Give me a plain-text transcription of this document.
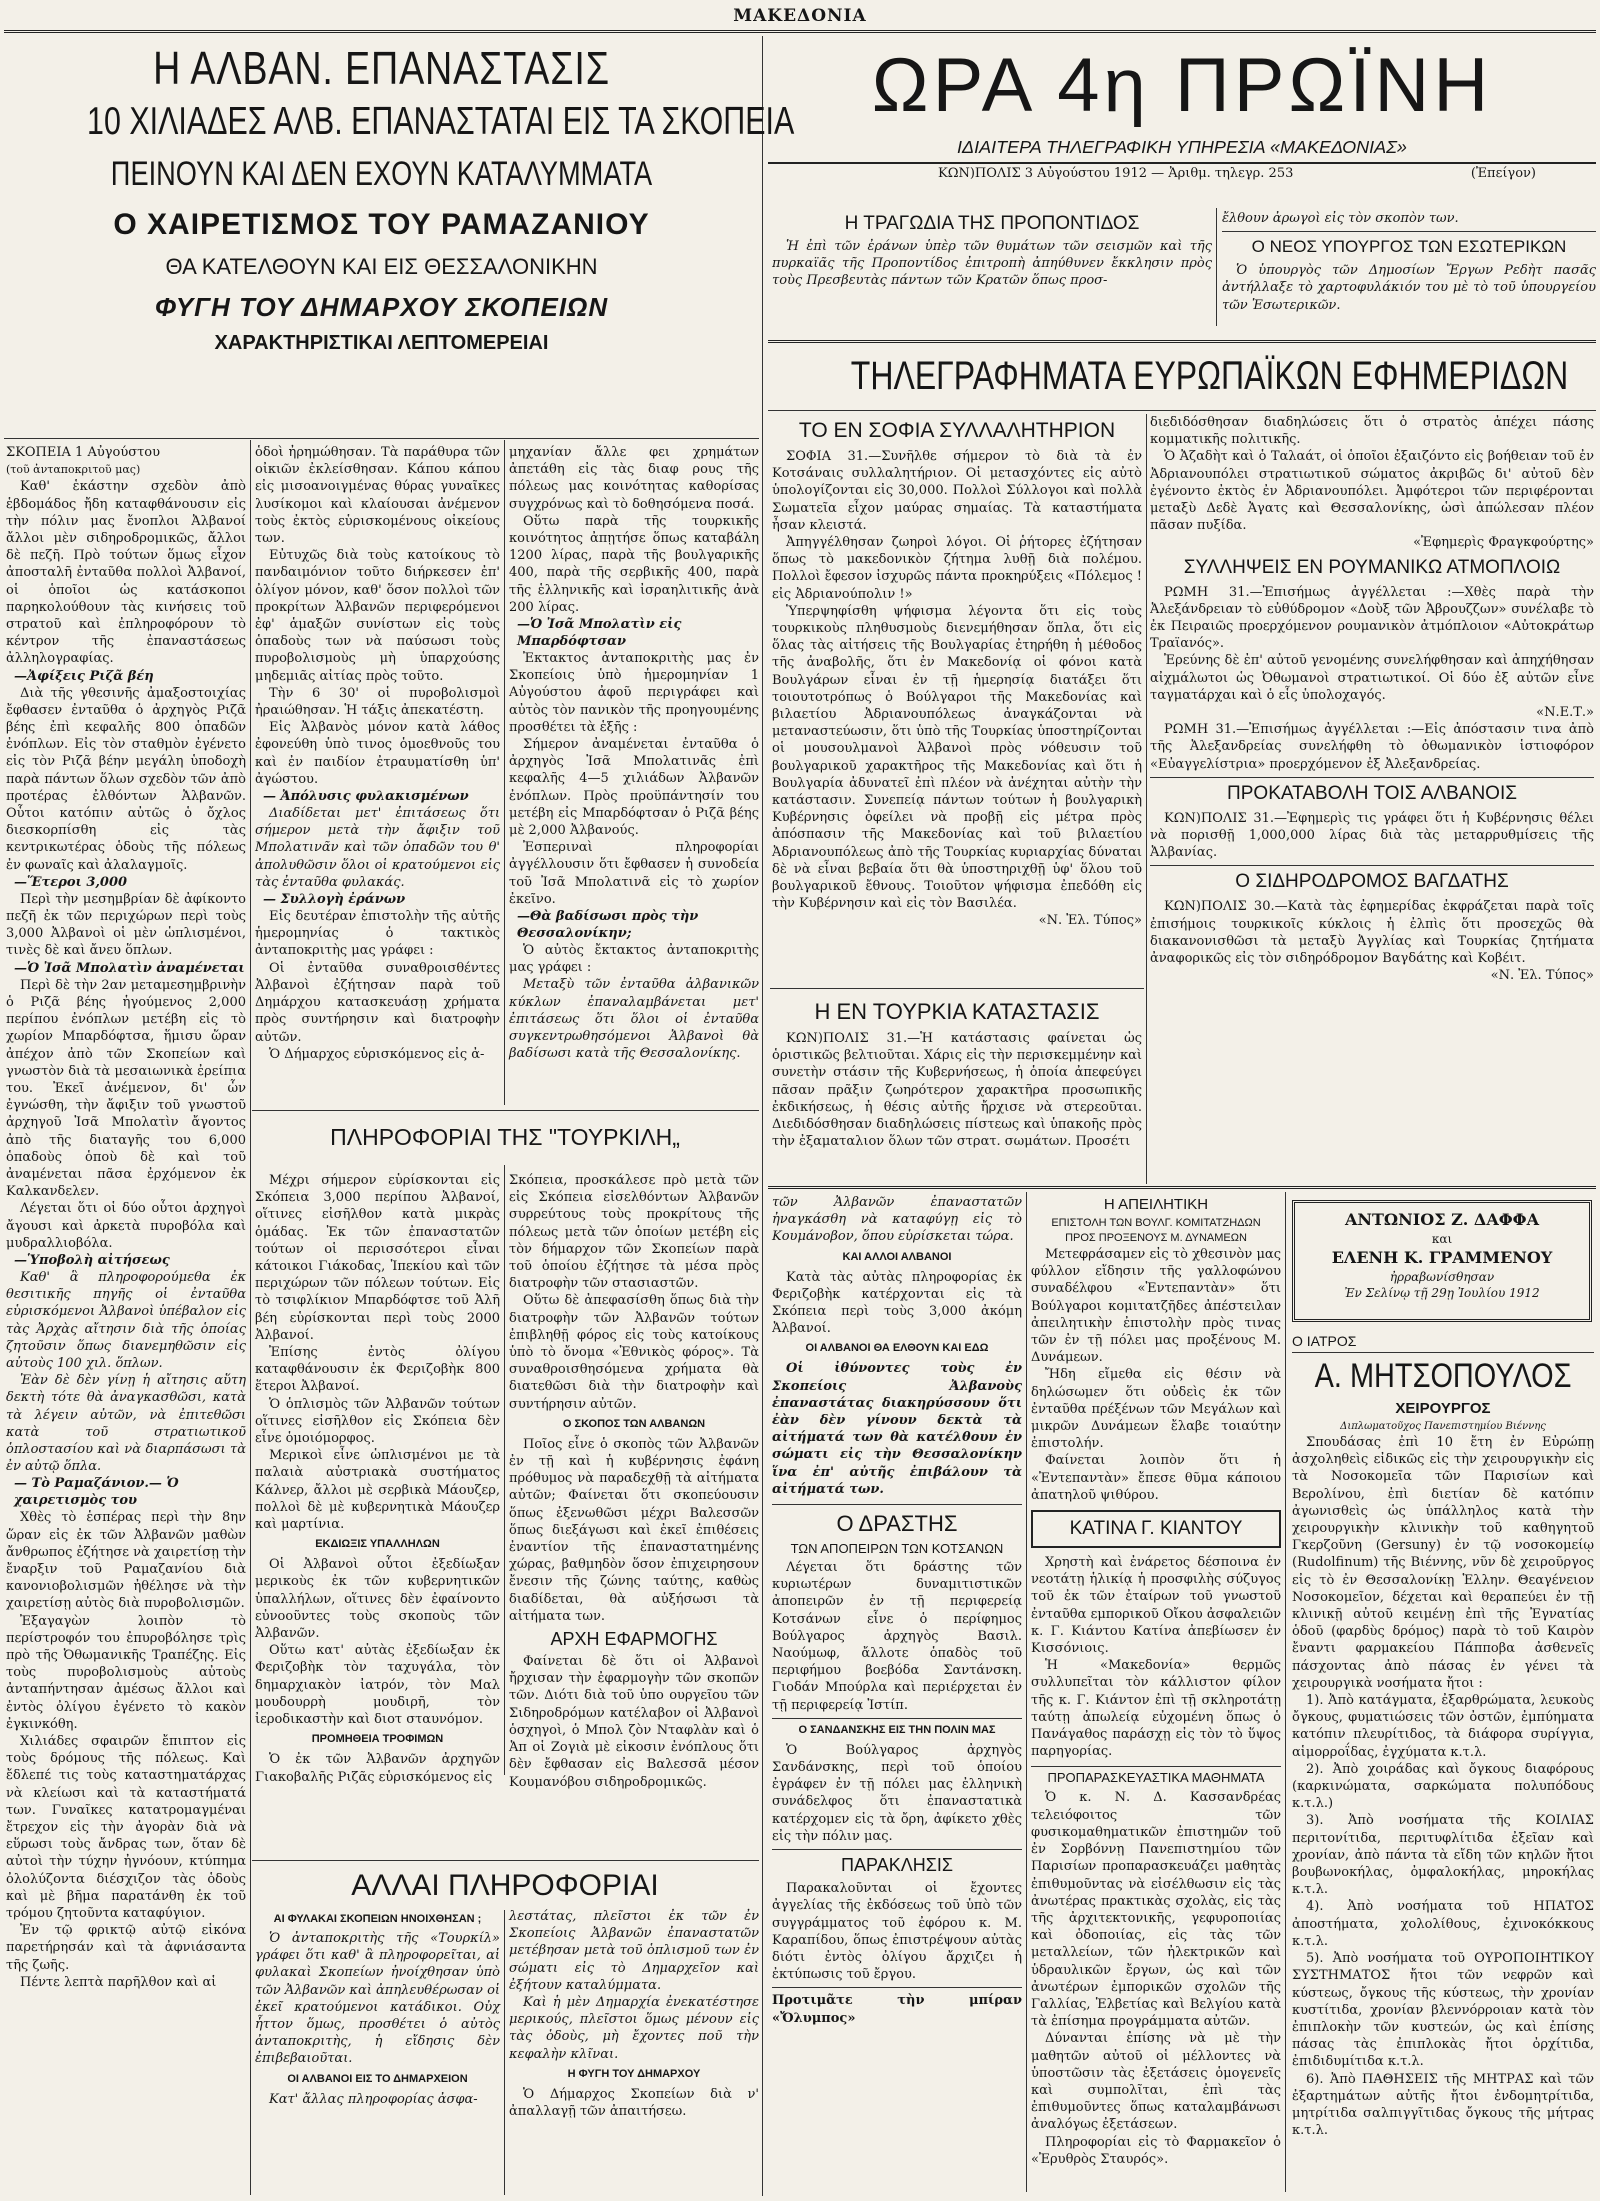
ΜΑΚΕΔΟΝΙΑ
Η ΑΛΒΑΝ. ΕΠΑΝΑΣΤΑΣΙΣ
10 ΧΙΛΙΑΔΕΣ ΑΛΒ. ΕΠΑΝΑΣΤΑΤΑΙ ΕΙΣ ΤΑ ΣΚΟΠΕΙΑ
ΠΕΙΝΟΥΝ ΚΑΙ ΔΕΝ ΕΧΟΥΝ ΚΑΤΑΛΥΜΜΑΤΑ
Ο ΧΑΙΡΕΤΙΣΜΟΣ ΤΟΥ ΡΑΜΑΖΑΝΙΟΥ
ΘΑ ΚΑΤΕΛΘΟΥΝ ΚΑΙ ΕΙΣ ΘΕΣΣΑΛΟΝΙΚΗΝ
ΦΥΓΗ ΤΟΥ ΔΗΜΑΡΧΟΥ ΣΚΟΠΕΙΩΝ
ΧΑΡΑΚΤΗΡΙΣΤΙΚΑΙ ΛΕΠΤΟΜΕΡΕΙΑΙ

ΣΚΟΠΕΙΑ 1 Αὐγούστου

(τοῦ ἀνταποκριτοῦ μας)

Καθ' ἑκάστην σχεδὸν ἀπὸ ἑβδομάδος ἤδη καταφθάνουσιν εἰς τὴν πόλιν μας ἔνοπλοι Ἀλβανοί ἄλλοι μὲν σιδηροδρομικῶς, ἄλλοι δὲ πεζῆ. Πρὸ τούτων ὅμως εἶχον ἀποσταλῆ ἐνταῦθα πολλοὶ Ἀλβανοί, οἱ ὁποῖοι ὡς κατάσκοποι παρηκολούθουν τὰς κινήσεις τοῦ στρατοῦ καὶ ἐπληροφόρουν τὸ κέντρον τῆς ἐπαναστάσεως ἀλληλογραφίας.

—Ἀφίξεις Ριζᾶ βέη

Διὰ τῆς γθεσινῆς ἀμαξοστοιχίας ἔφθασεν ἐνταῦθα ὁ ἀρχηγὸς Ριζᾶ βέης ἐπὶ κεφαλῆς 800 ὁπαδῶν ἐνόπλων. Εἰς τὸν σταθμὸν ἐγένετο εἰς τὸν Ριζᾶ βέην μεγάλη ὑποδοχὴ παρὰ πάντων ὅλων σχεδὸν τῶν ἀπὸ προτέρας ἐλθόντων Ἀλβανῶν. Οὗτοι κατόπιν αὐτῶς ὁ ὄχλος διεσκορπίσθη εἰς τὰς κεντρικωτέρας ὁδοὺς τῆς πόλεως ἐν φωναῖς καὶ ἀλαλαγμοῖς.

—Ἕτεροι 3,000

Περὶ τὴν μεσημβρίαν δὲ ἀφίκοντο πεζῆ ἐκ τῶν περιχώρων περὶ τοὺς 3,000 Ἀλβανοὶ οἱ μὲν ὡπλισμένοι, τινὲς δὲ καὶ ἄνευ ὅπλων.

—Ὁ Ἰσᾶ Μπολατὶν ἀναμένεται

Περὶ δὲ τὴν 2αν μεταμεσημβρινὴν ὁ Ριζᾶ βέης ἡγούμενος 2,000 περίπου ἐνόπλων μετέβη εἰς τὸ χωρίον Μπαρδόφτσα, ἥμισυ ὥραν ἀπέχον ἀπὸ τῶν Σκοπείων καὶ γνωστὸν διὰ τὰ μεσαιωνικὰ ἐρείπια του. Ἐκεῖ ἀνέμενον, δι' ὧν ἐγνώσθη, τὴν ἄφιξιν τοῦ γνωστοῦ ἀρχηγοῦ Ἰσᾶ Μπολατὶν ἄγοντος ἀπὸ τῆς διαταγῆς του 6,000 ὁπαδοὺς ὁποὺ δὲ καὶ τοῦ ἀναμένεται πᾶσα ἐρχόμενον ἐκ Καλκανδελεν.

Λέγεται ὅτι οἱ δύο οὗτοι ἀρχηγοὶ ἄγουσι καὶ ἀρκετὰ πυροβόλα καὶ μυδραλλιοβόλα.

—Ὑποβολὴ αἰτήσεως

Καθ' ἃ πληροφορούμεθα ἐκ θεσιτικῆς πηγῆς οἱ ἐνταῦθα εὑρισκόμενοι Ἀλβανοὶ ὑπέβαλον εἰς τὰς Ἀρχὰς αἴτησιν διὰ τῆς ὁποίας ζητοῦσιν ὅπως διανεμηθῶσιν εἰς αὐτοὺς 100 χιλ. ὅπλων.

Ἐὰν δὲ δὲν γίνῃ ἡ αἴτησις αὕτη δεκτὴ τότε θὰ ἀναγκασθῶσι, κατὰ τὰ λέγειν αὐτῶν, νὰ ἐπιτεθῶσι κατὰ τοῦ στρατιωτικοῦ ὁπλοστασίου καὶ νὰ διαρπάσωσι τὰ ἐν αὐτῷ ὅπλα.

— Τὸ Ραμαζάνιον.— Ὁ χαιρετισμὸς του

Χθὲς τὸ ἑσπέρας περὶ τὴν 8ην ὥραν εἰς ἐκ τῶν Ἀλβανῶν μαθὼν ἄνθρωπος ἐζήτησε νὰ χαιρετίσῃ τὴν ἔναρξιν τοῦ Ραμαζανίου διὰ κανονιοβολισμῶν ἠθέλησε νὰ τὴν χαιρετίσῃ αὐτὸς διὰ πυροβολισμῶν.

Ἐξαγαγὼν λοιπὸν τὸ περίστροφόν του ἐπυροβόλησε τρὶς πρὸ τῆς Ὀθωμανικῆς Τραπέζης. Εἰς τοὺς πυροβολισμοὺς αὐτοὺς ἀνταπήντησαν ἀμέσως ἄλλοι καὶ ἐντὸς ὀλίγου ἐγένετο τὸ κακὸν ἐγκινκόθη.

Χιλιάδες σφαιρῶν ἔπιπτον εἰς τοὺς δρόμους τῆς πόλεως. Καὶ ἔδλεπέ τις τοὺς καταστηματάρχας νὰ κλείωσι καὶ τὰ καταστήματά των. Γυναῖκες κατατρομαγμέναι ἔτρεχον εἰς τὴν ἀγορὰν διὰ νὰ εὕρωσι τοὺς ἄνδρας των, ὅταν δὲ αὐτοὶ τὴν τύχην ἠγνόουν, κτύπημα ὀλολύζοντα διέσχιζον τὰς ὁδοὺς καὶ μὲ βῆμα παρατάνθη ἐκ τοῦ τρόμου ζητοῦντα καταφύγιον.

Ἐν τῷ φρικτῷ αὐτῷ εἰκόνα παρετήρησάν καὶ τὰ ἀφνιάσαντα τῆς ζωῆς.

Πέντε λεπτὰ παρῆλθον καὶ αἱ

ὁδοὶ ἠρημώθησαν. Τὰ παράθυρα τῶν οἰκιῶν ἐκλείσθησαν. Κάπου κάπου εἰς μισοανοιγμένας θύρας γυναῖκες λυσίκομοι καὶ κλαίουσαι ἀνέμενον τοὺς ἐκτὸς εὑρισκομένους οἰκείους των.

Εὐτυχῶς διὰ τοὺς κατοίκους τὸ πανδαιμόνιον τοῦτο διήρκεσεν ἐπ' ὀλίγον μόνον, καθ' ὅσον πολλοὶ τῶν προκρίτων Ἀλβανῶν περιφερόμενοι ἐφ' ἁμαξῶν συνίστων εἰς τοὺς ὁπαδοὺς των νὰ παύσωσι τοὺς πυροβολισμοὺς μὴ ὑπαρχούσης μηδεμιᾶς αἰτίας πρὸς τοῦτο.

Τὴν 6 30' οἱ πυροβολισμοὶ ἠραιώθησαν. Ἡ τάξις ἀπεκατέστη.

Εἰς Ἀλβανὸς μόνον κατὰ λάθος ἐφονεύθη ὑπὸ τινος ὁμοεθνοῦς του καὶ ἐν παιδίον ἐτραυματίσθη ὑπ' ἀγώστου.

— Ἀπόλυσις φυλακισμένων

Διαδίδεται μετ' ἐπιτάσεως ὅτι σήμερον μετὰ τὴν ἄφιξιν τοῦ Μπολατινᾶν καὶ τῶν ὁπαδῶν του θ' ἀπολυθῶσιν ὅλοι οἱ κρατούμενοι εἰς τὰς ἐνταῦθα φυλακάς.

— Συλλογὴ ἐράνων

Εἰς δευτέραν ἐπιστολὴν τῆς αὐτῆς ἡμερομηνίας ὁ τακτικὸς ἀνταποκριτὴς μας γράφει :

Οἱ ἐνταῦθα συναθροισθέντες Ἀλβανοὶ ἐζήτησαν παρὰ τοῦ Δημάρχου κατασκευάσῃ χρήματα πρὸς συντήρησιν καὶ διατροφὴν αὐτῶν.

Ὁ Δήμαρχος εὑρισκόμενος εἰς ἀ-

μηχανίαν ἄλλε φει χρημάτων ἀπετάθη εἰς τὰς διαφ ρους τῆς πόλεως μας κοινότητας καθορίσας συγχρόνως καὶ τὸ δοθησόμενα ποσά.

Οὕτω παρὰ τῆς τουρκικῆς κοινότητος ἀπῃτήσε ὅπως καταβάλη 1200 λίρας, παρὰ τῆς βουλγαρικῆς 400, παρὰ τῆς σερβικῆς 400, παρὰ τῆς ἑλληνικῆς καὶ ἰσραηλιτικῆς ἀνὰ 200 λίρας.

—Ὁ Ἰσᾶ Μπολατὶν εἰς Μπαρδόφτσαν

Ἐκτακτος ἀνταποκριτὴς μας ἐν Σκοπείοις ὑπὸ ἡμερομηνίαν 1 Αὐγούστου ἀφοῦ περιγράφει καὶ αὐτὸς τὸν πανικὸν τῆς προηγουμένης προσθέτει τὰ ἑξῆς :

Σήμερον ἀναμένεται ἐνταῦθα ὁ ἀρχηγὸς Ἰσᾶ Μπολατινᾶς ἐπὶ κεφαλῆς 4—5 χιλιάδων Ἀλβανῶν ἐνόπλων. Πρὸς προϋπάντησίν του μετέβη εἰς Μπαρδόφτσαν ὁ Ριζᾶ βέης μὲ 2,000 Ἀλβανούς.

Ἐσπεριναὶ πληροφορίαι ἀγγέλλουσιν ὅτι ἔφθασεν ἡ συνοδεία τοῦ Ἰσᾶ Μπολατινᾶ εἰς τὸ χωρίον ἐκεῖνο.

—Θὰ βαδίσωσι πρὸς τὴν Θεσσαλονίκην;

Ὁ αὐτὸς ἔκτακτος ἀνταποκριτὴς μας γράφει :

Μεταξὺ τῶν ἐνταῦθα ἀλβανικῶν κύκλων ἐπαναλαμβάνεται μετ' ἐπιτάσεως ὅτι ὅλοι οἱ ἐνταῦθα συγκεντρωθησόμενοι Ἀλβανοὶ θὰ βαδίσωσι κατὰ τῆς Θεσσαλονίκης.

ΠΛΗΡΟΦΟΡΙΑΙ ΤΗΣ "ΤΟΥΡΚΙΛΗ„

Μέχρι σήμερον εὑρίσκονται εἰς Σκόπεια 3,000 περίπου Ἀλβανοί, οἵτινες εἰσῆλθον κατὰ μικρὰς ὁμάδας. Ἐκ τῶν ἐπαναστατῶν τούτων οἱ περισσότεροι εἶναι κάτοικοι Γιάκοδας, Ἰπεκίου καὶ τῶν περιχώρων τῶν πόλεων τούτων. Εἰς τὸ τσιφλίκιον Μπαρδόφτσε τοῦ Ἀλῆ βέη εὑρίσκονται περὶ τοὺς 2000 Ἀλβανοί.

Ἐπίσης ἐντὸς ὀλίγου καταφθάνουσιν ἐκ Φεριζοβὴκ 800 ἕτεροι Ἀλβανοί.

Ὁ ὁπλισμὸς τῶν Ἀλβανῶν τούτων οἵτινες εἰσῆλθον εἰς Σκόπεια δὲν εἶνε ὁμοιόμορφος.

Μερικοὶ εἶνε ὡπλισμένοι με τὰ παλαιὰ αὐστριακὰ συστήματος Κάλνερ, ἄλλοι μὲ σερβικὰ Μάουζερ, πολλοὶ δὲ μὲ κυβερνητικὰ Μάουζερ καὶ μαρτίνια.

ΕΚΔΙΩΞΙΣ ΥΠΑΛΛΗΛΩΝ

Οἱ Ἀλβανοὶ οὗτοι ἐξεδίωξαν μερικοὺς ἐκ τῶν κυβερνητικῶν ὑπαλλήλων, οἵτινες δὲν ἐφαίνοντο εὐνοοῦντες τοὺς σκοποὺς τῶν Ἀλβανῶν.

Οὕτω κατ' αὐτὰς ἐξεδίωξαν ἐκ Φεριζοβὴκ τὸν ταχυγάλα, τὸν δημαρχιακὸν ἰατρόν, τὸν Μαλ μουδουρρὴ μουδιρῆ, τὸν ἰεροδικαστὴν καὶ διοτ σταυνόμον.

ΠΡΟΜΗΘΕΙΑ ΤΡΟΦΙΜΩΝ

Ὁ ἐκ τῶν Ἀλβανῶν ἀρχηγῶν Γιακοβαλῆς Ριζᾶς εὑρισκόμενος εἰς

Σκόπεια, προσκάλεσε πρὸ μετὰ τῶν εἰς Σκόπεια εἰσελθόντων Ἀλβανῶν συρρεύτους τοὺς προκρίτους τῆς πόλεως μετὰ τῶν ὁποίων μετέβη εἰς τὸν δήμαρχον τῶν Σκοπείων παρὰ τοῦ ὁποίου ἐζήτησε τὰ μέσα πρὸς διατροφὴν τῶν στασιαστῶν.

Οὕτω δὲ ἀπεφασίσθη ὅπως διὰ τὴν διατροφὴν τῶν Ἀλβανῶν τούτων ἐπιβληθῇ φόρος εἰς τοὺς κατοίκους ὑπὸ τὸ ὄνομα «Ἐθνικὸς φόρος». Τὰ συναθροισθησόμενα χρήματα θὰ διατεθῶσι διὰ τὴν διατροφὴν καὶ συντήρησιν αὐτῶν.

Ο ΣΚΟΠΟΣ ΤΩΝ ΑΛΒΑΝΩΝ

Ποῖος εἶνε ὁ σκοπὸς τῶν Ἀλβανῶν ἐν τῇ καὶ ἡ κυβέρνησις ἐφάνη πρόθυμος νὰ παραδεχθῇ τὰ αἰτήματα αὐτῶν; Φαίνεται ὅτι σκοπεύουσιν ὅπως ἐξενωθῶσι μέχρι Βαλεσσῶν ὅπως διεξάγωσι καὶ ἐκεῖ ἐπιθέσεις ἐναντίον τῆς ἐπαναστατημένης χώρας, βαθμηδὸν ὅσον ἐπιχειρησουν ἔνεσιν τῆς ζώνης ταύτης, καθὼς διαδίδεται, θὰ αὐξήσωσι τὰ αἰτήματα των.

ΑΡΧΗ ΕΦΑΡΜΟΓΗΣ

Φαίνεται δὲ ὅτι οἱ Ἀλβανοὶ ἤρχισαν τὴν ἐφαρμογὴν τῶν σκοπῶν τῶν. Διότι διὰ τοῦ ὑπο ουργεῖου τῶν Σιδηροδρόμων κατέλαβον οἱ Ἀλβανοὶ ὁσχηγοὶ, ὁ Μπολ ζὸν Νταφλὰν καὶ ὁ Ἀπ οἱ Ζογιὰ μὲ εἰκοσιν ἐνόπλους ὅτι δὲν ἔφθασαν εἰς Βαλεσσᾶ μέσον Κουμανόβου σιδηροδρομικῶς.

ΑΛΛΑΙ ΠΛΗΡΟΦΟΡΙΑΙ
ΑΙ ΦΥΛΑΚΑΙ ΣΚΟΠΕΙΩΝ ΗΝΟΙΧΘΗΣΑΝ ;

Ὁ ἀνταποκριτὴς τῆς «Τουρκίλ» γράφει ὅτι καθ' ἃ πληροφορεῖται, αἱ φυλακαὶ Σκοπείων ἠνοίχθησαν ὑπὸ τῶν Ἀλβανῶν καὶ ἀπηλευθέρωσαν οἱ ἐκεῖ κρατούμενοι κατάδικοι. Οὐχ ἧττον ὅμως, προσθέτει ὁ αὐτὸς ἀνταποκριτὴς, ἡ εἴδησις δὲν ἐπιβεβαιοῦται.

ΟΙ ΑΛΒΑΝΟΙ ΕΙΣ ΤΟ ΔΗΜΑΡΧΕΙΟΝ

Κατ' ἄλλας πληροφορίας ἀσφα-

λεστάτας, πλεῖστοι ἐκ τῶν ἐν Σκοπείοις Ἀλβανῶν ἐπαναστατῶν μετέβησαν μετὰ τοῦ ὁπλισμοῦ των ἐν σώματι εἰς τὸ Δημαρχεῖον καὶ ἐξήτουν καταλύμματα.

Καὶ ἡ μὲν Δημαρχία ἐνεκατέστησε μερικούς, πλεῖστοι ὅμως μένουν εἰς τὰς ὁδοὺς, μὴ ἔχοντες ποῦ τὴν κεφαλὴν κλῖναι.

Η ΦΥΓΗ ΤΟΥ ΔΗΜΑΡΧΟΥ

Ὁ Δήμαρχος Σκοπείων διὰ ν' ἀπαλλαγῇ τῶν ἀπαιτήσεω.

ΩΡΑ 4η ΠΡΩΪΝΗ
ΙΔΙΑΙΤΕΡΑ ΤΗΛΕΓΡΑΦΙΚΗ ΥΠΗΡΕΣΙΑ «ΜΑΚΕΔΟΝΙΑΣ»
ΚΩΝ)ΠΟΛΙΣ 3 Αὐγούστου 1912 — Ἀριθμ. τηλεγρ. 253	(Ἐπείγον)
Η ΤΡΑΓΩΔΙΑ ΤΗΣ ΠΡΟΠΟΝΤΙΔΟΣ

Ἡ ἐπὶ τῶν ἐράνων ὑπὲρ τῶν θυμάτων τῶν σεισμῶν καὶ τῆς πυρκαϊᾶς τῆς Προποντίδος ἐπιτροπὴ ἀπηύθυνεν ἔκκλησιν πρὸς τοὺς Πρεσβευτὰς πάντων τῶν Κρατῶν ὅπως προσ-

ἔλθουν ἀρωγοὶ εἰς τὸν σκοπὸν των.

Ο ΝΕΟΣ ΥΠΟΥΡΓΟΣ ΤΩΝ ΕΣΩΤΕΡΙΚΩΝ

Ὁ ὑπουργὸς τῶν Δημοσίων Ἔργων Ρεδὴτ πασᾶς ἀντήλλαξε τὸ χαρτοφυλάκιόν του μὲ τὸ τοῦ ὑπουργείου τῶν Ἐσωτερικῶν.

ΤΗΛΕΓΡΑΦΗΜΑΤΑ ΕΥΡΩΠΑΪΚΩΝ ΕΦΗΜΕΡΙΔΩΝ
ΤΟ ΕΝ ΣΟΦΙΑ ΣΥΛΛΑΛΗΤΗΡΙΟΝ

ΣΟΦΙΑ 31.—Συνῆλθε σήμερον τὸ διὰ τὰ ἐν Κοτσάναις συλλαλητήριον. Οἱ μετασχόντες εἰς αὐτὸ ὑπολογίζονται εἰς 30,000. Πολλοὶ Σύλλογοι καὶ πολλὰ Σωματεῖα εἶχον μαύρας σημαίας. Τὰ καταστήματα ἦσαν κλειστά.

Ἀπηγγέλθησαν ζωηροὶ λόγοι. Οἱ ῥήτορες ἐζήτησαν ὅπως τὸ μακεδονικὸν ζήτημα λυθῇ διὰ πολέμου. Πολλοὶ ἔφεσον ἰσχυρῶς πάντα προκηρύξεις «Πόλεμος ! εἰς Ἀδριανούπολιν !»

Ὑπερψηφίσθη ψήφισμα λέγοντα ὅτι εἰς τοὺς τουρκικοὺς πληθυσμοὺς διενεμήθησαν ὅπλα, ὅτι εἰς ὅλας τὰς αἰτήσεις τῆς Βουλγαρίας ἐτηρήθη ἡ μέθοδος τῆς ἀναβολῆς, ὅτι ἐν Μακεδονίᾳ οἱ φόνοι κατὰ Βουλγάρων εἶναι ἐν τῇ ἡμερησίᾳ διατάξει ὅτι τοιουτοτρόπως ὁ Βούλγαροι τῆς Μακεδονίας καὶ βιλαετίου Ἀδριανουπόλεως ἀναγκάζονται νὰ μεταναστεύωσιν, ὅτι ὑπὸ τῆς Τουρκίας ὑποστηρίζονται οἱ μουσουλμανοὶ Ἀλβανοὶ πρὸς νόθευσιν τοῦ βουλγαρικοῦ χαρακτῆρος τῆς Μακεδονίας καὶ ὅτι ἡ Βουλγαρία ἀδυνατεῖ ἐπὶ πλέον νὰ ἀνέχηται αὐτὴν τὴν κατάστασιν. Συνεπείᾳ πάντων τούτων ἡ βουλγαρικὴ Κυβέρνησις ὀφείλει νὰ προβῇ εἰς μέτρα πρὸς ἀπόσπασιν τῆς Μακεδονίας καὶ τοῦ βιλαετίου Ἀδριανουπόλεως ἀπὸ τῆς Τουρκίας κυριαρχίας δύναται δὲ νὰ εἶναι βεβαία ὅτι θὰ ὑποστηριχθῇ ὑφ' ὅλου τοῦ βουλγαρικοῦ ἔθνους. Τοιοῦτον ψήφισμα ἐπεδόθη εἰς τὴν Κυβέρνησιν καὶ εἰς τὸν Βασιλέα.

«Ν. Ἐλ. Τύπος»

Η ΕΝ ΤΟΥΡΚΙΑ ΚΑΤΑΣΤΑΣΙΣ

ΚΩΝ)ΠΟΛΙΣ 31.—Ἡ κατάστασις φαίνεται ὡς ὁριστικῶς βελτιοῦται. Χάρις εἰς τὴν περισκεμμένην καὶ συνετὴν στάσιν τῆς Κυβερνήσεως, ἡ ὁποία ἀπεφεύγει πᾶσαν πρᾶξιν ζωηρότερον χαρακτῆρα προσωπικῆς ἐκδικήσεως, ἡ θέσις αὐτῆς ἤρχισε νὰ στερεοῦται. Διεδιδόσθησαν διαδηλώσεις πίστεως καὶ ὑπακοῆς πρὸς τὴν ἐξαματαλιον ὅλων τῶν στρατ. σωμάτων. Προσέτι

διεδιδόσθησαν διαδηλώσεις ὅτι ὁ στρατὸς ἀπέχει πάσης κομματικῆς πολιτικῆς.

Ὁ Ἀζαδὴτ καὶ ὁ Ταλαάτ, οἱ ὁποῖοι ἐξαιζόντο εἰς βοήθειαν τοῦ ἐν Ἀδριανουπόλει στρατιωτικοῦ σώματος ἀκριβῶς δι' αὐτοῦ δὲν ἐγένοντο ἐκτὸς ἐν Ἀδριανουπόλει. Ἀμφότεροι τῶν περιφέρονται μεταξὺ Δεδὲ Ἀγατς καὶ Θεσσαλονίκης, ὡσὶ ἀπώλεσαν πλέον πᾶσαν πυξίδα.

«Ἐφημερὶς Φραγκφούρτης»

ΣΥΛΛΗΨΕΙΣ ΕΝ ΡΟΥΜΑΝΙΚΩ ΑΤΜΟΠΛΟΙΩ

ΡΩΜΗ 31.—Ἐπισήμως ἀγγέλλεται :—Χθὲς παρὰ τὴν Ἀλεξάνδρειαν τὸ εὐθύδρομον «Δοὺξ τῶν Ἀβρουζζων» συνέλαβε τὸ ἐκ Πειραιῶς προερχόμενον ρουμανικὸν ἀτμόπλοιον «Αὐτοκράτωρ Τραϊανός».

Ἐρεύνης δὲ ἐπ' αὐτοῦ γενομένης συνελήφθησαν καὶ ἀπηχήθησαν αἰχμάλωτοι ὡς Ὀθωμανοὶ στρατιωτικοί. Οἱ δύο ἐξ αὐτῶν εἶνε ταγματάρχαι καὶ ὁ εἷς ὑπολοχαγός.

«Ν.Ε.Τ.»

ΡΩΜΗ 31.—Ἐπισήμως ἀγγέλλεται :—Εἰς ἀπόστασιν τινα ἀπὸ τῆς Ἀλεξανδρείας συνελήφθη τὸ ὀθωμανικὸν ἱστιοφόρον «Εὐαγγελίστρια» προερχόμενον ἐξ Ἀλεξανδρείας.

ΠΡΟΚΑΤΑΒΟΛΗ ΤΟΙΣ ΑΛΒΑΝΟΙΣ

ΚΩΝ)ΠΟΛΙΣ 31.—Ἐφημερὶς τις γράφει ὅτι ἡ Κυβέρνησις θέλει νὰ πορισθῇ 1,000,000 λίρας διὰ τὰς μεταρρυθμίσεις τῆς Ἀλβανίας.

Ο ΣΙΔΗΡΟΔΡΟΜΟΣ ΒΑΓΔΑΤΗΣ

ΚΩΝ)ΠΟΛΙΣ 30.—Κατὰ τὰς ἐφημερίδας ἐκφράζεται παρὰ τοῖς ἐπισήμοις τουρκικοῖς κύκλοις ἡ ἐλπὶς ὅτι προσεχῶς θὰ διακανονισθῶσι τὰ μεταξὺ Ἀγγλίας καὶ Τουρκίας ζητήματα ἀναφορικῶς εἰς τὸν σιδηρόδρομον Βαγδάτης καὶ Κοβέιτ.

«Ν. Ἐλ. Τύπος»

τῶν Ἀλβανῶν ἐπαναστατῶν ἠναγκάσθη νὰ καταφύγῃ εἰς τὸ Κουμάνοβον, ὅπου εὑρίσκεται τώρα.

ΚΑΙ ΑΛΛΟΙ ΑΛΒΑΝΟΙ

Κατὰ τὰς αὐτὰς πληροφορίας ἐκ Φεριζοβὴκ κατέρχονται εἰς τὰ Σκόπεια περὶ τοὺς 3,000 ἀκόμη Ἀλβανοί.

ΟΙ ΑΛΒΑΝΟΙ ΘΑ ΕΛΘΟΥΝ ΚΑΙ ΕΔΩ

Οἱ ἰθύνοντες τοὺς ἐν Σκοπείοις Ἀλβανοὺς ἐπαναστάτας διακηρύσσουν ὅτι ἐὰν δὲν γίνουν δεκτὰ τὰ αἰτήματά των θὰ κατέλθουν ἐν σώματι εἰς τὴν Θεσσαλονίκην ἵνα ἐπ' αὐτῆς ἐπιβάλουν τὰ αἰτήματά των.

Ο ΔΡΑΣΤΗΣ
ΤΩΝ ΑΠΟΠΕΙΡΩΝ ΤΩΝ ΚΟΤΣΑΝΩΝ

Λέγεται ὅτι δράστης τῶν κυριωτέρων δυναμιτιστικῶν ἀποπειρῶν ἐν τῇ περιφερείᾳ Κοτσάνων εἶνε ὁ περίφημος Βούλγαρος ἀρχηγὸς Βασιλ. Ναούμωφ, ἄλλοτε ὁπαδὸς τοῦ περιφήμου βοεβόδα Σαντάνσκη. Γιοδάν Μπούρλα καὶ περιέρχεται ἐν τῇ περιφερείᾳ Ἰστίπ.

Ο ΣΑΝΔΑΝΣΚΗΣ ΕΙΣ ΤΗΝ ΠΟΛΙΝ ΜΑΣ

Ὁ Βούλγαρος ἀρχηγὸς Σανδάνσκης, περὶ τοῦ ὁποίου ἐγράφεν ἐν τῇ πόλει μας ἐλληνικὴ συνάδελφος ὅτι ἐπαναστατικὰ κατέρχομεν εἰς τὰ ὄρη, ἀφίκετο χθὲς εἰς τὴν πόλιν μας.

ΠΑΡΑΚΛΗΣΙΣ

Παρακαλοῦνται οἱ ἔχοντες ἀγγελίας τῆς ἐκδόσεως τοῦ ὑπὸ τῶν συγγράμματος τοῦ ἐφόρου κ. Μ. Καραπίδου, ὅπως ἐπιστρέψουν αὐτὰς διότι ἐντὸς ὀλίγου ἄρχιζει ἡ ἐκτύπωσις τοῦ ἔργου.

Προτιμᾶτε τὴν μπίραν «Ὄλυμπος»

Η ΑΠΕΙΛΗΤΙΚΗ
ΕΠΙΣΤΟΛΗ ΤΩΝ ΒΟΥΛΓ. ΚΟΜΙΤΑΤΖΗΔΩΝ
ΠΡΟΣ ΠΡΟΞΕΝΟΥΣ Μ. ΔΥΝΑΜΕΩΝ

Μετεφράσαμεν εἰς τὸ χθεσινὸν μας φύλλον εἴδησιν τῆς γαλλοφώνου συναδέλφου «Ἐντεπαντὰν» ὅτι Βούλγαροι κομιτατζῆδες ἀπέστειλαν ἀπειλητικὴν ἐπιστολὴν πρὸς τινας τῶν ἐν τῇ πόλει μας προξένους Μ. Δυνάμεων.

Ἤδη εἴμεθα εἰς θέσιν νὰ δηλώσωμεν ὅτι οὐδεὶς ἐκ τῶν ἐνταῦθα πρέξένων τῶν Μεγάλων καὶ μικρῶν Δυνάμεων ἔλαβε τοιαύτην ἐπιστολήν.

Φαίνεται λοιπὸν ὅτι ἡ «Ἐντεπαντὰν» ἔπεσε θῦμα κάποιου ἀπατηλοῦ ψιθύρου.

ΚΑΤΙΝΑ Γ. ΚΙΑΝΤΟΥ

Χρηστὴ καὶ ἐνάρετος δέσποινα ἐν νεοτάτῃ ἡλικίᾳ ἡ προσφιλὴς σύζυγος τοῦ ἐκ τῶν ἐταίρων τοῦ γνωστοῦ ἐνταῦθα εμπορικοῦ Οἴκου ἀσφαλειῶν κ. Γ. Κιάντου Κατίνα ἀπεβίωσεν ἐν Κισσόνιοις.

Ἡ «Μακεδονία» θερμῶς συλλυπεῖται τὸν κάλλιστον φίλον τῆς κ. Γ. Κιάντον ἐπὶ τῇ σκληροτάτῃ ταύτῃ ἀπωλείᾳ εὐχομένη ὅπως ὁ Πανάγαθος παράσχῃ εἰς τὸν τὸ ὕψος παρηγορίας.

ΠΡΟΠΑΡΑΣΚΕΥΑΣΤΙΚΑ ΜΑΘΗΜΑΤΑ

Ὁ κ. Ν. Δ. Κασσανδρέας τελειόφοιτος τῶν φυσικομαθηματικῶν ἐπιστημῶν τοῦ ἐν Σορβόννῃ Πανεπιστημίου τῶν Παρισίων προπαρασκευάζει μαθητὰς ἐπιθυμοῦντας νὰ εἰσέλθωσιν εἰς τὰς ἀνωτέρας πρακτικὰς σχολὰς, εἰς τὰς τῆς ἀρχιτεκτονικῆς, γεφυροποιίας καὶ ὁδοποιίας, εἰς τὰς τῶν μεταλλείων, τῶν ἠλεκτρικῶν καὶ ὑδραυλικῶν ἔργων, ὡς καὶ τῶν ἀνωτέρων ἐμπορικῶν σχολῶν τῆς Γαλλίας, Ἑλβετίας καὶ Βελγίου κατὰ τὰ ἐπίσημα προγράμματα αὐτῶν.

Δύνανται ἐπίσης νὰ μὲ τὴν μαθητῶν αὐτοῦ οἱ μέλλοντες νὰ ὑποστῶσιν τὰς ἐξετάσεις ὁμογενεῖς καὶ συμπολῖται, ἐπὶ τὰς ἐπιθυμοῦντες ὅπως καταλαμβάνωσι ἀναλόγως ἐξετάσεων.

Πληροφορίαι εἰς τὸ Φαρμακεῖον ὁ «Ἐρυθρὸς Σταυρός».

ΑΝΤΩΝΙΟΣ Ζ. ΔΑΦΦΑ
και
ΕΛΕΝΗ Κ. ΓΡΑΜΜΕΝΟΥ
ἠρραβωνίσθησαν
Ἐν Σελίνῳ τῇ 29ῃ Ἰουλίου 1912
Ο ΙΑΤΡΟΣ
Α. ΜΗΤΣΟΠΟΥΛΟΣ
ΧΕΙΡΟΥΡΓΟΣ
Διπλωματοῦχος Πανεπιστημίου Βιέννης

Σπουδάσας ἐπὶ 10 ἔτη ἐν Εὐρώπῃ ἀσχοληθεὶς εἰδικῶς εἰς τὴν χειρουργικὴν εἰς τὰ Νοσοκομεῖα τῶν Παρισίων καὶ Βερολίνου, ἐπὶ διετίαν δὲ κατόπιν ἀγωνισθεὶς ὡς ὑπάλληλος κατὰ τὴν χειρουργικὴν κλινικὴν τοῦ καθηγητοῦ Γκερζοῦνη (Gersuny) ἐν τῷ νοσοκομείῳ (Rudolfinum) τῆς Βιέννης, νῦν δὲ χειροῦργος εἰς τὸ ἐν Θεσσαλονίκῃ Ἑλλην. Θεαγένειον Νοσοκομεῖον, δέχεται καὶ θεραπεύει ἐν τῇ κλινικῇ αὐτοῦ κειμένῃ ἐπὶ τῆς Ἐγνατίας ὁδοῦ (φαρδὺς δρόμος) παρὰ τὸ τοῦ Καιρὸν ἔναντι φαρμακείου Πάπποβα ἀσθενεῖς πάσχοντας ἀπὸ πάσας ἐν γένει τὰ χειρουργικὰ νοσήματα ἤτοι :

1). Ἀπὸ κατάγματα, ἐξαρθρώματα, λευκοὺς ὄγκους, φυματιώσεις τῶν ὀστῶν, ἐμπύηματα κατόπιν πλευρίτιδος, τὰ διάφορα συρίγγια, αἱμορροΐδας, ἐγχύματα κ.τ.λ.

2). Ἀπὸ χοιράδας καὶ ὄγκους διαφόρους (καρκινώματα, σαρκώματα πολυπόδους κ.τ.λ.)

3). Ἀπὸ νοσήματα τῆς ΚΟΙΛΙΑΣ περιτονίτιδα, περιτυφλίτιδα ἐξεῖαν καὶ χρονίαν, ἀπὸ πάντα τὰ εἴδη τῶν κηλῶν ἤτοι βουβωνοκήλας, ὀμφαλοκήλας, μηροκήλας κ.τ.λ.

4). Ἀπὸ νοσήματα τοῦ ΗΠΑΤΟΣ ἀποστήματα, χολολίθους, ἐχινοκόκκους κ.τ.λ.

5). Ἀπὸ νοσήματα τοῦ ΟΥΡΟΠΟΙΗΤΙΚΟΥ ΣΥΣΤΗΜΑΤΟΣ ἤτοι τῶν νεφρῶν καὶ κύστεως, ὄγκους τῆς κύστεως, τὴν χρονίαν κυστίτιδα, χρονίαν βλεννόρροιαν κατὰ τὸν ἐπιπλοκὴν τῶν κυστεών, ὡς καὶ ἐπίσης πάσας τὰς ἐπιπλοκὰς ἤτοι ὀρχίτιδα, ἐπιδιδυμίτιδα κ.τ.λ.

6). Ἀπὸ ΠΑΘΗΣΕΙΣ τῆς ΜΗΤΡΑΣ καὶ τῶν ἐξαρτημάτων αὐτῆς ἤτοι ἐνδομητρίτιδα, μητρίτιδα σαλπιγγῖτιδας ὄγκους τῆς μήτρας κ.τ.λ.
